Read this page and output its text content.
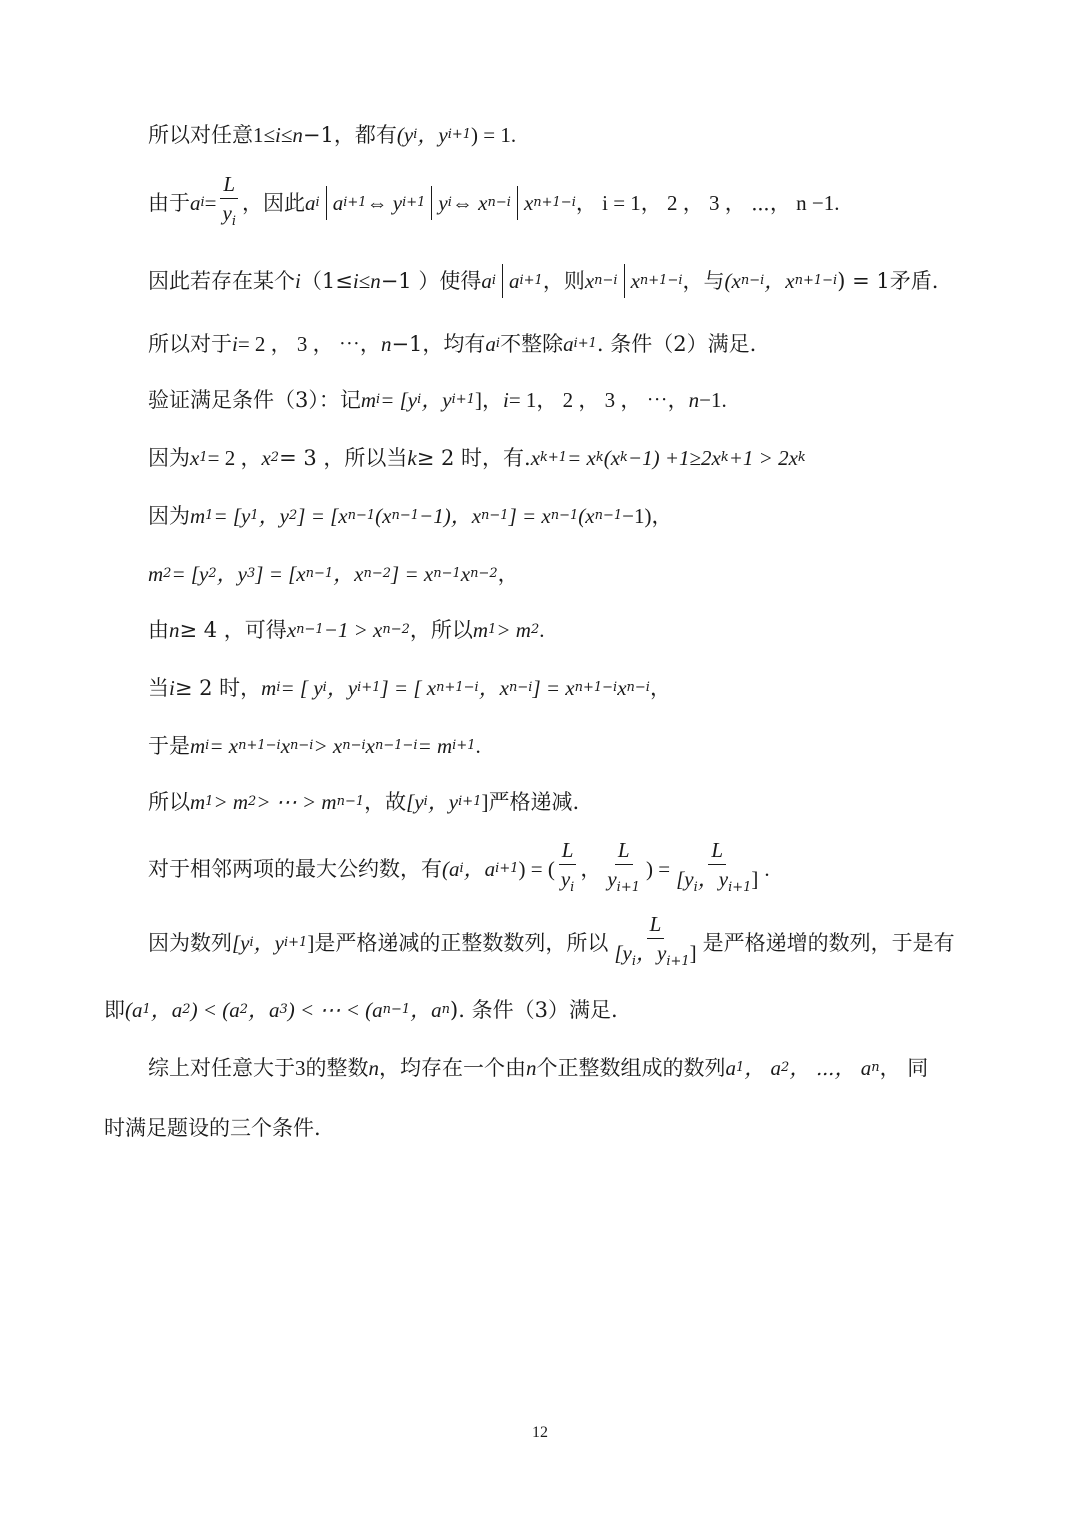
所以对任意 1≤ i ≤ n −1，都有 (y i ，y i+1 ) = 1.
由于 a $i = \frac{L}{y_i}$ ，因此 a i a i+1 ⇔ y i+1 y i ⇔ x n−i x n+1−i ， i = 1， 2 ， 3 ， ⋯， n −1.
因此若存在某个 i （1≤ i ≤ n −1 ）使得 a i a i+1 ，则 x n−i x n+1−i ，与 (x n−i ，x n+1−i ) = 1矛盾.
所以对于 i = 2 ， 3 ， ⋯， n −1，均有 a i 不整除 a i+1 . 条件（2）满足.
验证满足条件（3）：记 m i = [y i ，y i+1 ]， i = 1， 2 ， 3 ， ⋯， n −1.
因为 x 1 = 2 ， x 2 = 3 ，所以当 k ≥ 2 时，有. x k+1 = x k (x k −1) +1≥2x k +1 > 2x k
因为 m 1 = [y 1 ，y 2 ] = [x n−1 (x n−1 −1)，x n−1 ] = x n−1 (x n−1 −1)，
m 2 = [y 2 ，y 3 ] = [x n−1 ，x n−2 ] = x n−1 x n−2 ，
由 n ≥ 4 ，可得 x n−1 −1 > x n−2 ，所以 m 1 > m 2 .
当 i ≥ 2 时， m i = [ y i ，y i+1 ] = [ x n+1−i ，x n−i ] = x n+1−i x n−i ，
于是 m i = x n+1−i x n−i > x n−i x n−1−i = m i+1 .
所以 m 1 > m 2 > ⋯ > m n−1 ，故 [y i ，y i+1 ] 严格递减.
对于相邻两项的最大公约数，有 (a i ，a i+1 ) = ( $\frac{L}{y_i}$ ， $\frac{L}{y_{i+1}}$ ) = $\frac{L}{[y_i,y_{i+1}]}$ .
因为数列 [y i ，y i+1 ] 是严格递减的正整数数列，所以 $\frac{L}{[y_i,y_{i+1}]}$ 是严格递增的数列，于是有
即 (a 1 ，a 2 ) < (a 2 ，a 3 ) < ⋯ < (a n−1 ，a n ). 条件（3）满足.
综上对任意大于 3 的整数 n ，均存在一个由 n 个正整数组成的数列 a 1 ， a 2 ， ⋯， a n ， 同
时满足题设的三个条件.
12
